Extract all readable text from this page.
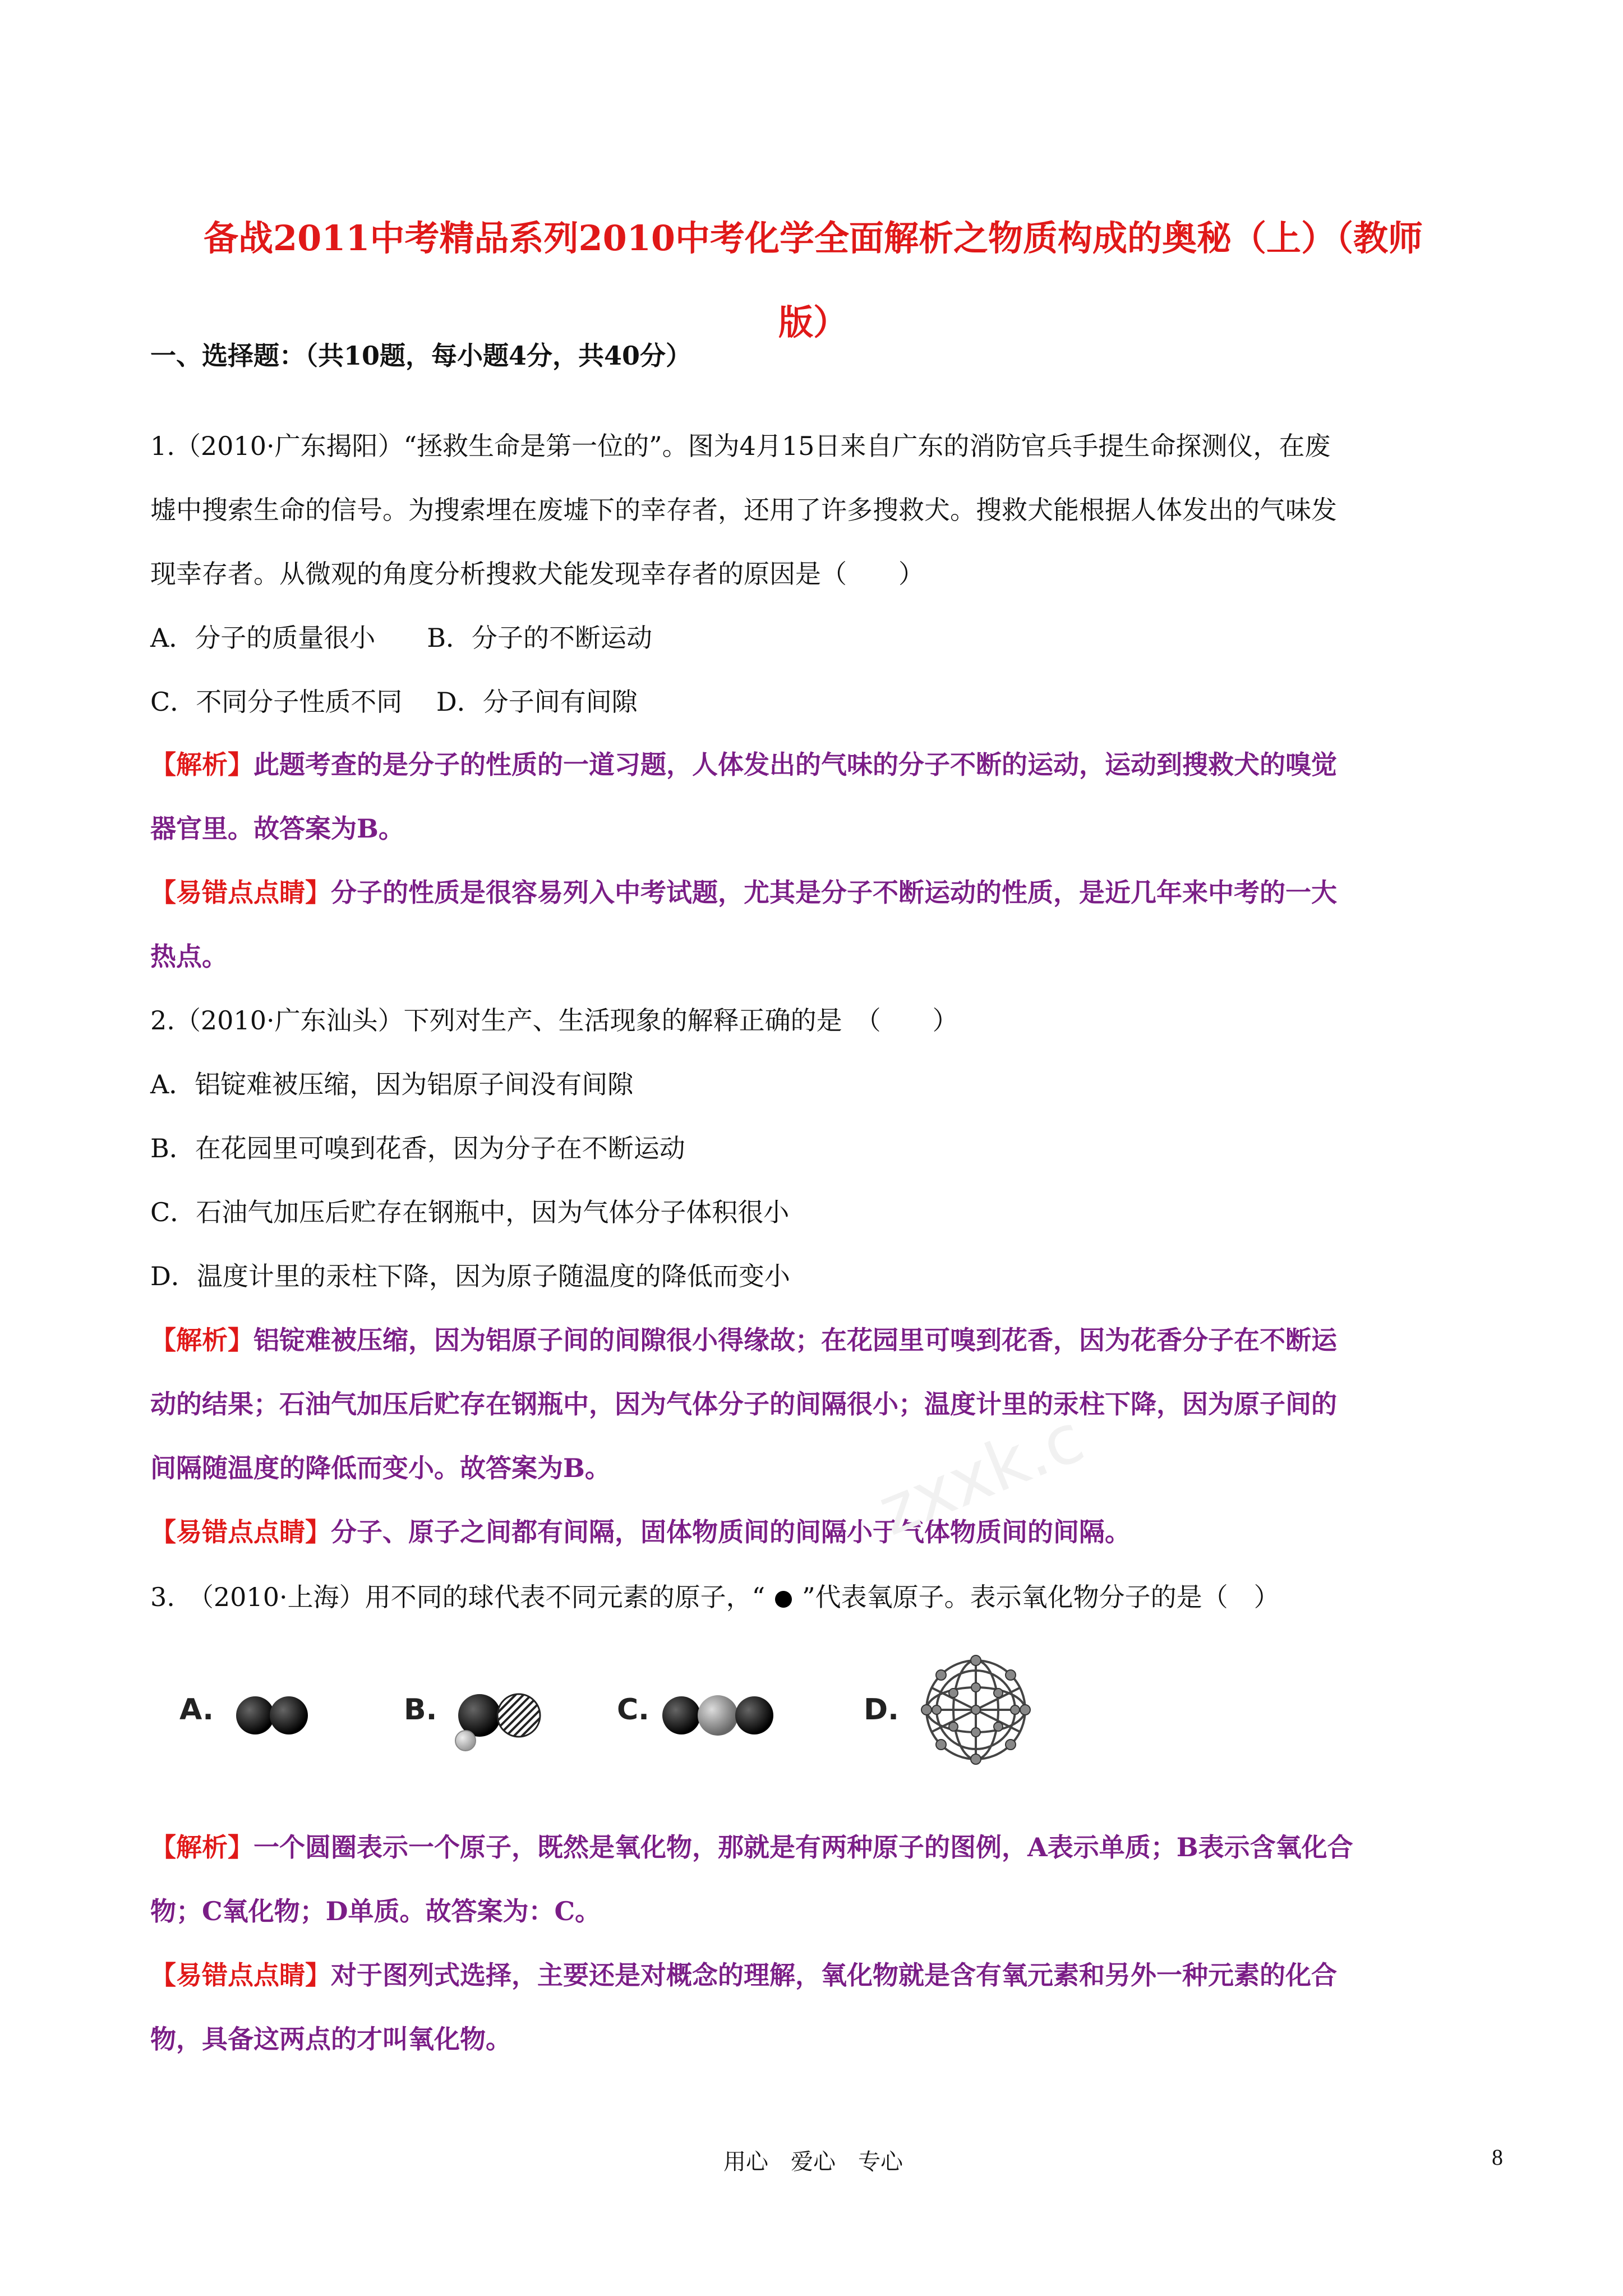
备战2011中考精品系列2010中考化学全面解析之物质构成的奥秘（上）（教师
版）
一、选择题：（共10题，每小题4分，共40分）
1.（2010·广东揭阳）“拯救生命是第一位的”。图为4月15日来自广东的消防官兵手提生命探测仪，在废
墟中搜索生命的信号。为搜索埋在废墟下的幸存者，还用了许多搜救犬。搜救犬能根据人体发出的气味发
现幸存者。从微观的角度分析搜救犬能发现幸存者的原因是（　　）
A．分子的质量很小　　B．分子的不断运动
C．不同分子性质不同　 D．分子间有间隙
【解析】此题考查的是分子的性质的一道习题，人体发出的气味的分子不断的运动，运动到搜救犬的嗅觉
器官里。故答案为B。
【易错点点睛】分子的性质是很容易列入中考试题，尤其是分子不断运动的性质，是近几年来中考的一大
热点。
2.（2010·广东汕头）下列对生产、生活现象的解释正确的是　（　　）
A．铝锭难被压缩，因为铝原子间没有间隙
B．在花园里可嗅到花香，因为分子在不断运动
C．石油气加压后贮存在钢瓶中，因为气体分子体积很小
D．温度计里的汞柱下降，因为原子随温度的降低而变小
【解析】铝锭难被压缩，因为铝原子间的间隙很小得缘故；在花园里可嗅到花香，因为花香分子在不断运
动的结果；石油气加压后贮存在钢瓶中，因为气体分子的间隔很小；温度计里的汞柱下降，因为原子间的
间隔随温度的降低而变小。故答案为B。
【易错点点睛】分子、原子之间都有间隔，固体物质间的间隔小于气体物质间的间隔。
3.　（2010·上海）用不同的球代表不同元素的原子，“ ”代表氧原子。表示氧化物分子的是（　）
A.	B.	C.	D.
【解析】一个圆圈表示一个原子，既然是氧化物，那就是有两种原子的图例，A表示单质；B表示含氧化合
物；C氧化物；D单质。故答案为：C。
【易错点点睛】对于图列式选择，主要还是对概念的理解，氧化物就是含有氧元素和另外一种元素的化合
物，具备这两点的才叫氧化物。
zxxk.c
用心　爱心　专心	8
